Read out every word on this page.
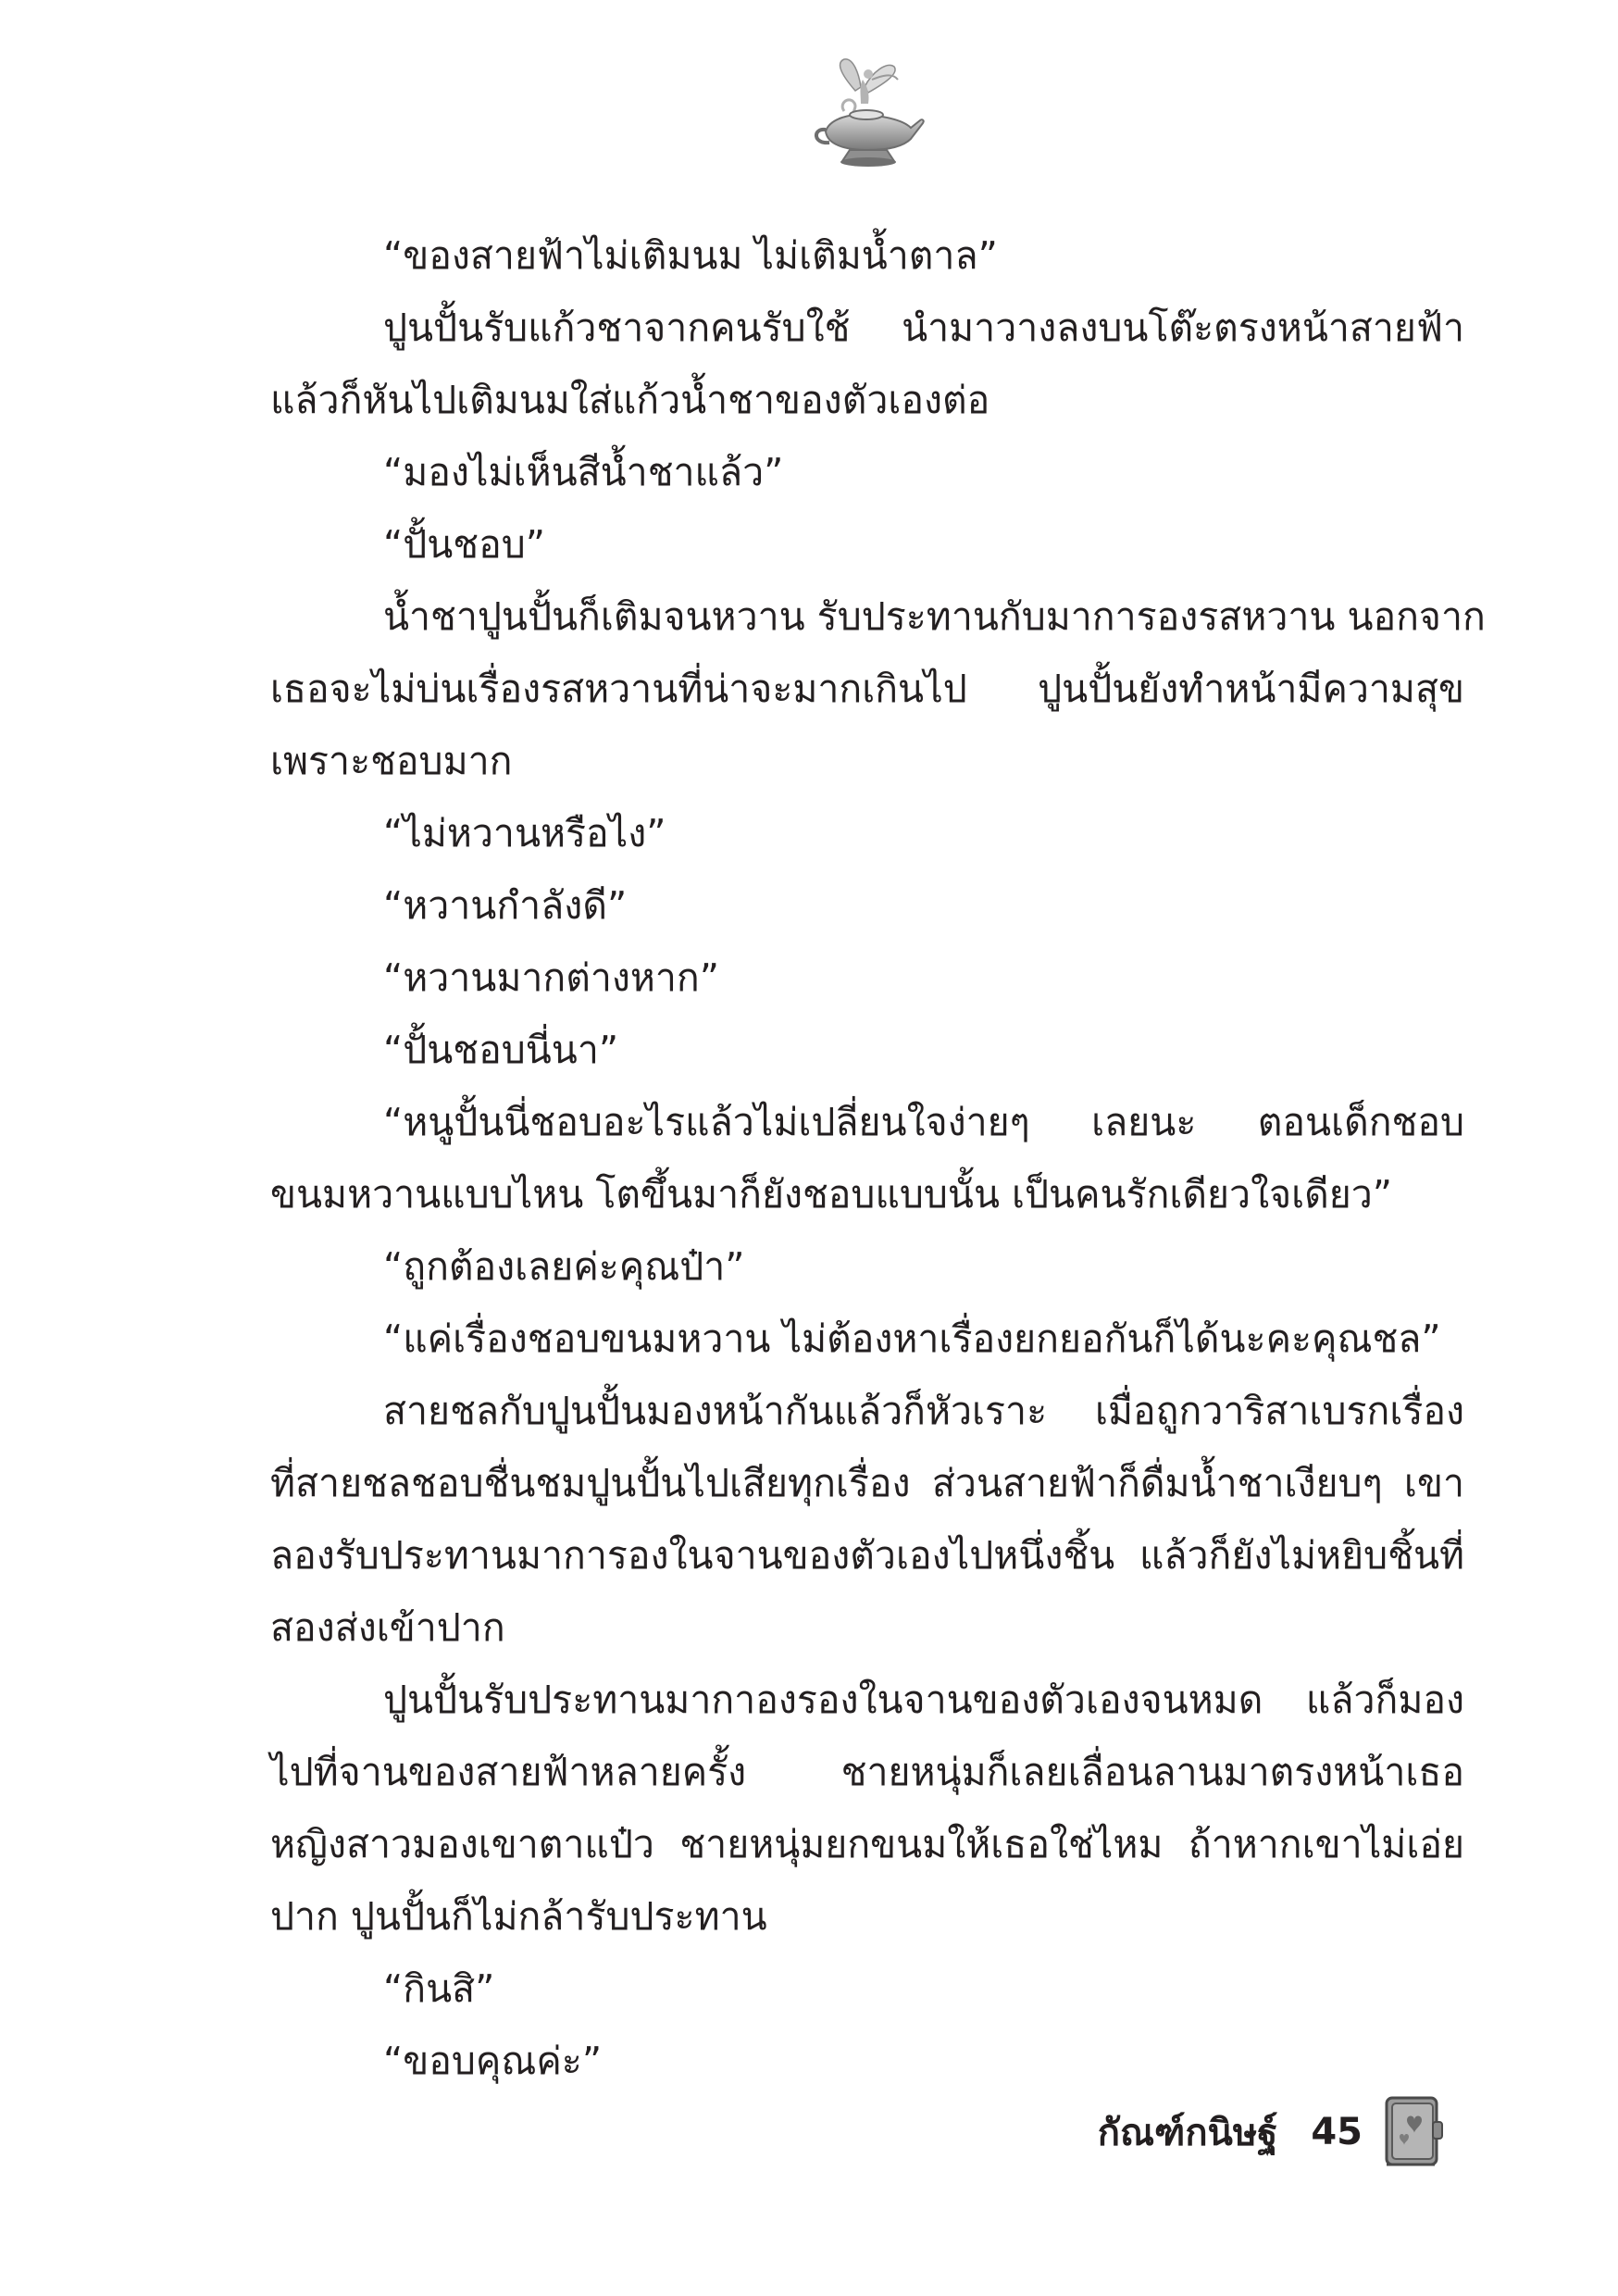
“ของสายฟ้าไม่เติมนม ไม่เติมน้ำตาล”
ปูนปั้นรับแก้วชาจากคนรับใช้ นำมาวางลงบนโต๊ะตรงหน้าสายฟ้า
แล้วก็หันไปเติมนมใส่แก้วน้ำชาของตัวเองต่อ
“มองไม่เห็นสีน้ำชาแล้ว”
“ปั้นชอบ”
น้ำชาปูนปั้นก็เติมจนหวาน รับประทานกับมาการองรสหวาน นอกจาก
เธอจะไม่บ่นเรื่องรสหวานที่น่าจะมากเกินไป ปูนปั้นยังทำหน้ามีความสุข
เพราะชอบมาก
“ไม่หวานหรือไง”
“หวานกำลังดี”
“หวานมากต่างหาก”
“ปั้นชอบนี่นา”
“หนูปั้นนี่ชอบอะไรแล้วไม่เปลี่ยนใจง่ายๆ เลยนะ ตอนเด็กชอบ
ขนมหวานแบบไหน โตขึ้นมาก็ยังชอบแบบนั้น เป็นคนรักเดียวใจเดียว”
“ถูกต้องเลยค่ะคุณป๋า”
“แค่เรื่องชอบขนมหวาน ไม่ต้องหาเรื่องยกยอกันก็ได้นะคะคุณชล”
สายชลกับปูนปั้นมองหน้ากันแล้วก็หัวเราะ เมื่อถูกวาริสาเบรกเรื่อง
ที่สายชลชอบชื่นชมปูนปั้นไปเสียทุกเรื่อง ส่วนสายฟ้าก็ดื่มน้ำชาเงียบๆ เขา
ลองรับประทานมาการองในจานของตัวเองไปหนึ่งชิ้น แล้วก็ยังไม่หยิบชิ้นที่
สองส่งเข้าปาก
ปูนปั้นรับประทานมากาองรองในจานของตัวเองจนหมด แล้วก็มอง
ไปที่จานของสายฟ้าหลายครั้ง ชายหนุ่มก็เลยเลื่อนลานมาตรงหน้าเธอ
หญิงสาวมองเขาตาแป๋ว ชายหนุ่มยกขนมให้เธอใช่ไหม ถ้าหากเขาไม่เอ่ย
ปาก ปูนปั้นก็ไม่กล้ารับประทาน
“กินสิ”
“ขอบคุณค่ะ”
กัณฑ์กนิษฐ์ 45
